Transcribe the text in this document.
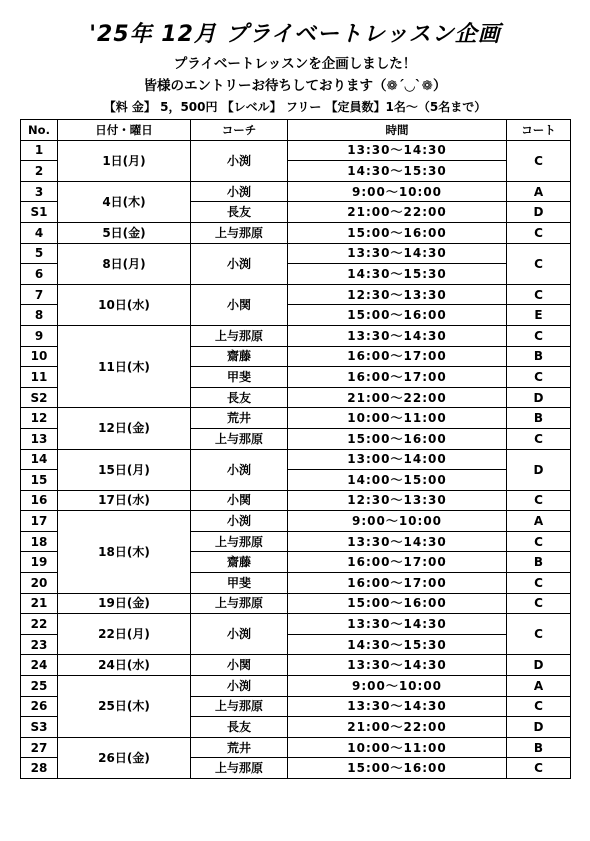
'25年 12月 プライベートレッスン企画
プライベートレッスンを企画しました！
皆様のエントリーお待ちしております（❁´◡`❁）
【料 金】 5，500円 【レベル】 フリー 【定員数】1名～（5名まで）
No.	日付・曜日	コーチ	時間	コート
1	1日(月)	小渕	13:30～14:30	C
2			14:30～15:30	
3	4日(木)	小渕	9:00～10:00	A
S1		長友	21:00～22:00	D
4	5日(金)	上与那原	15:00～16:00	C
5	8日(月)	小渕	13:30～14:30	C
6			14:30～15:30	
7	10日(水)	小関	12:30～13:30	C
8			15:00～16:00	E
9	11日(木)	上与那原	13:30～14:30	C
10		齋藤	16:00～17:00	B
11		甲斐	16:00～17:00	C
S2		長友	21:00～22:00	D
12	12日(金)	荒井	10:00～11:00	B
13		上与那原	15:00～16:00	C
14	15日(月)	小渕	13:00～14:00	D
15			14:00～15:00	
16	17日(水)	小関	12:30～13:30	C
17	18日(木)	小渕	9:00～10:00	A
18		上与那原	13:30～14:30	C
19		齋藤	16:00～17:00	B
20		甲斐	16:00～17:00	C
21	19日(金)	上与那原	15:00～16:00	C
22	22日(月)	小渕	13:30～14:30	C
23			14:30～15:30	
24	24日(水)	小関	13:30～14:30	D
25	25日(木)	小渕	9:00～10:00	A
26		上与那原	13:30～14:30	C
S3		長友	21:00～22:00	D
27	26日(金)	荒井	10:00～11:00	B
28		上与那原	15:00～16:00	C
